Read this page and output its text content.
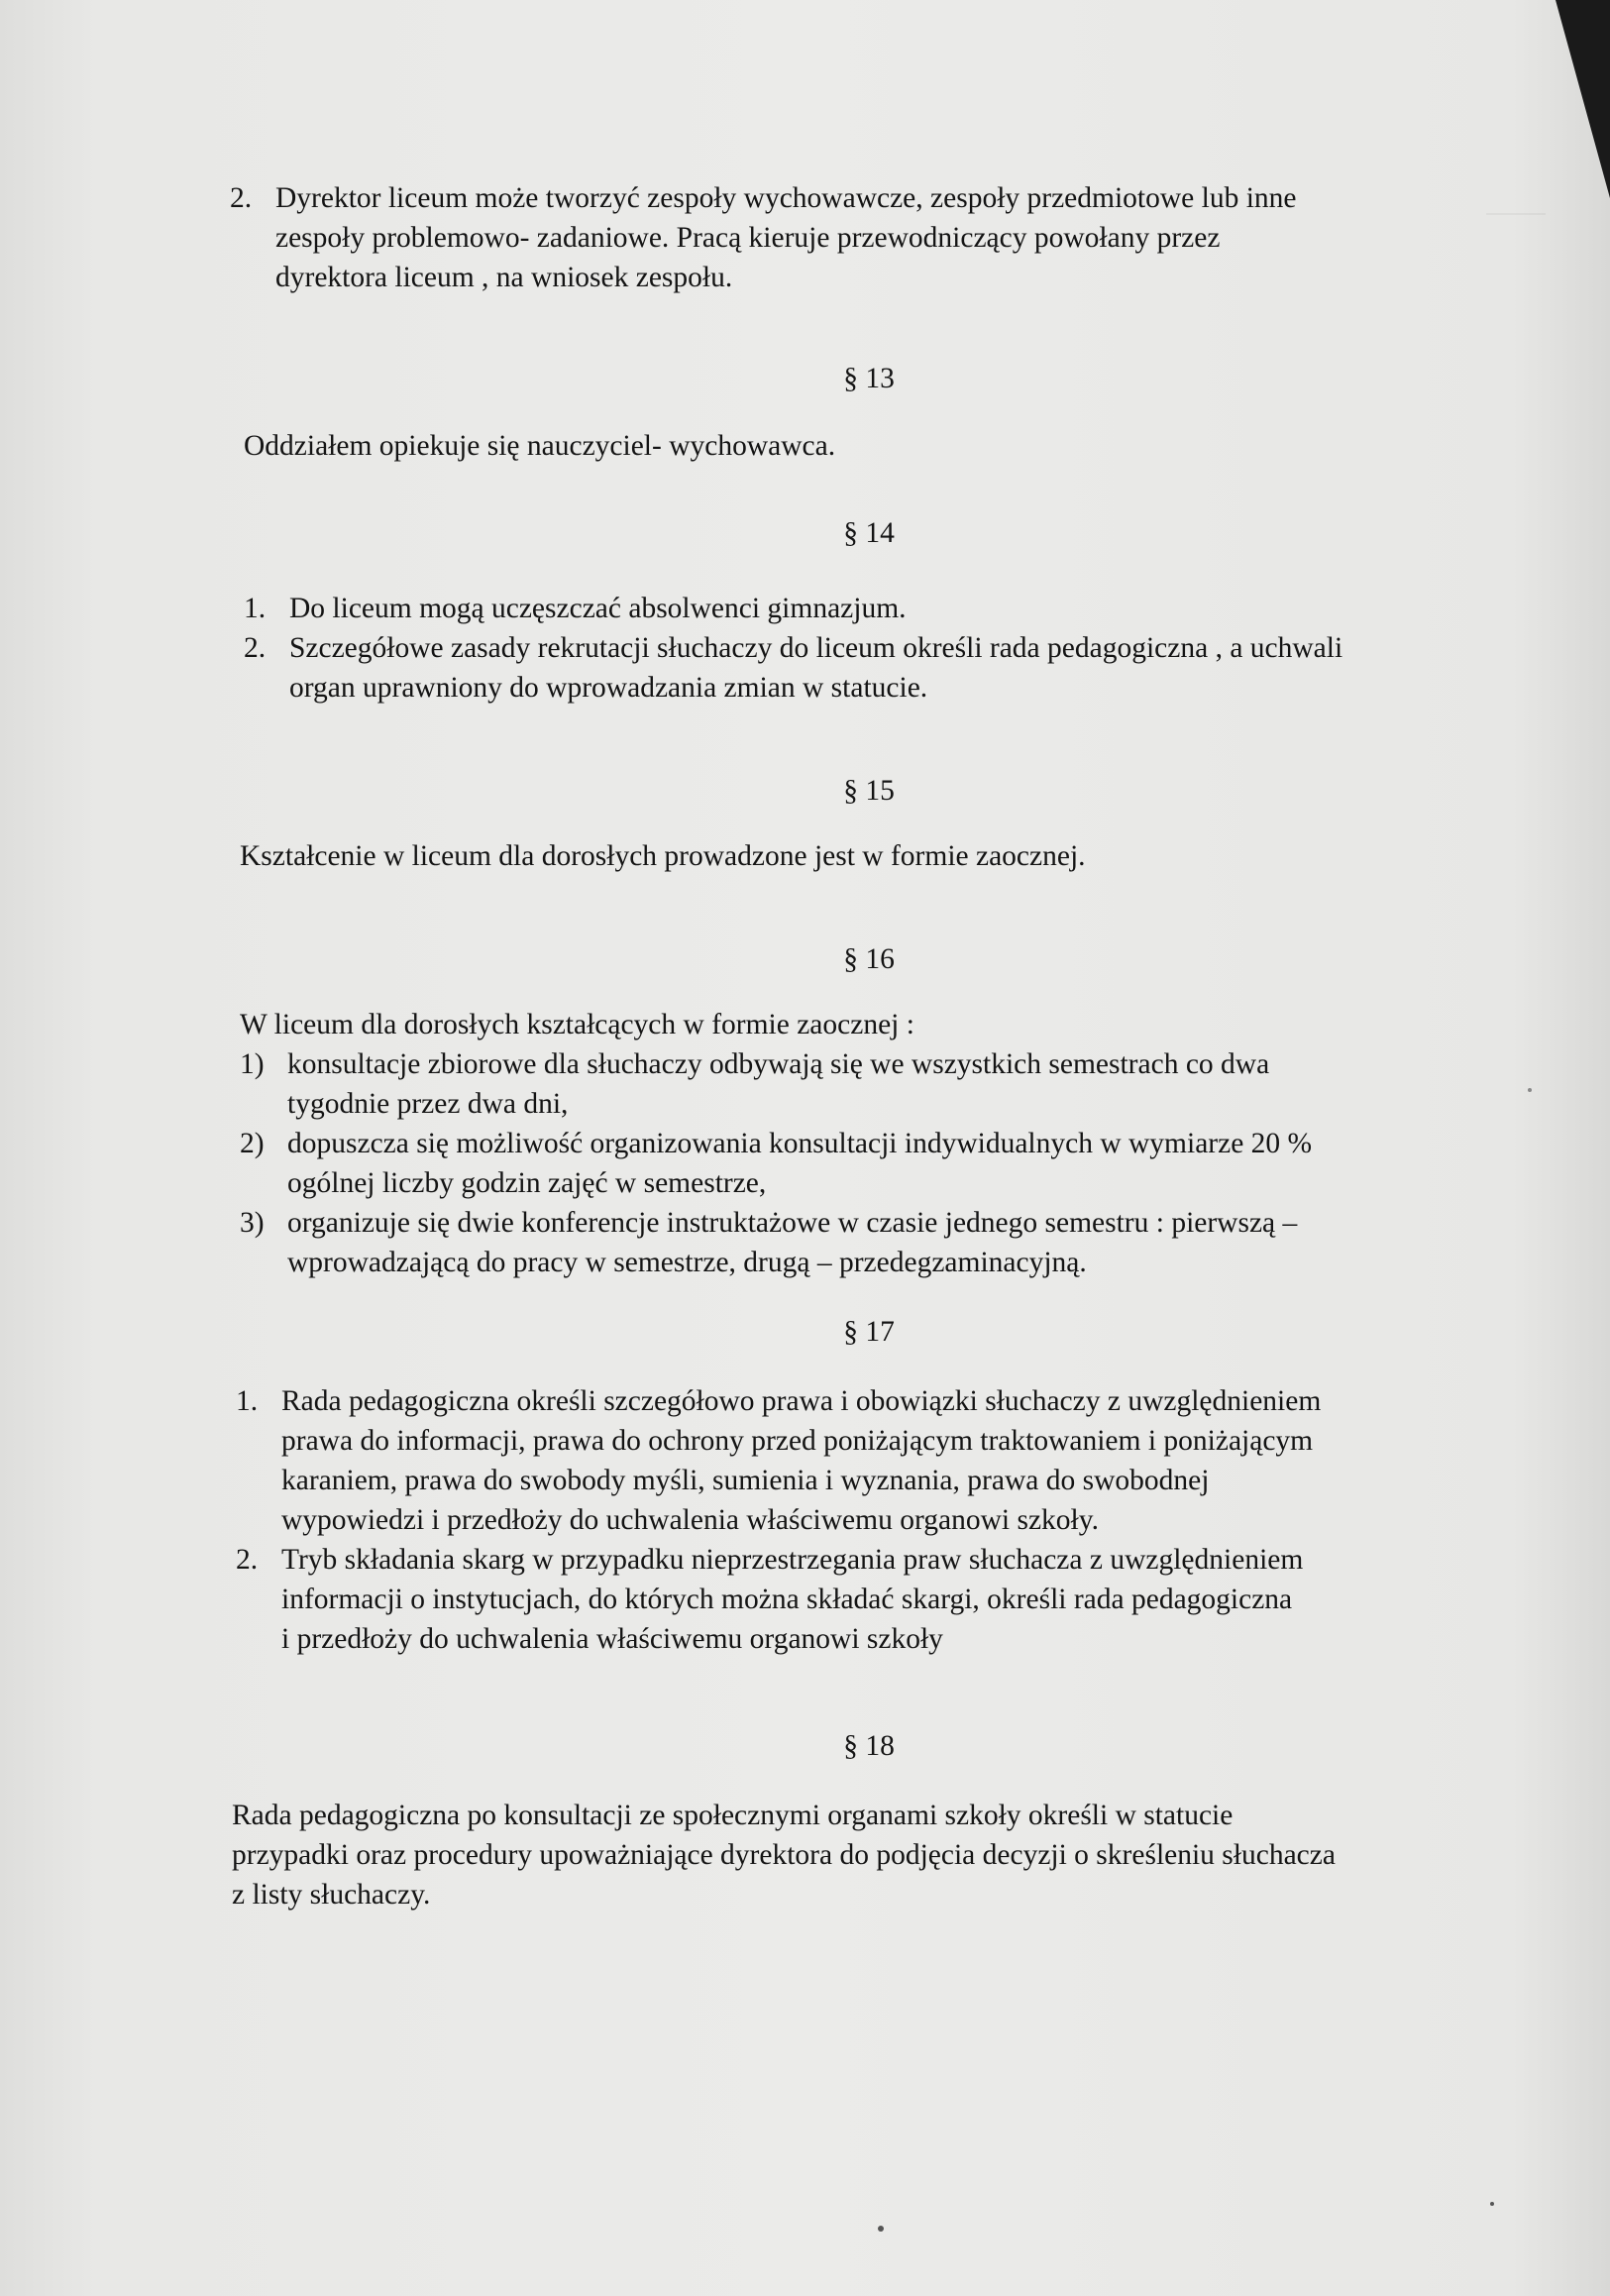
2. Dyrektor liceum może tworzyć zespoły wychowawcze, zespoły przedmiotowe lub inne
zespoły problemowo- zadaniowe. Pracą kieruje przewodniczący powołany przez
dyrektora liceum , na wniosek zespołu.
§ 13

Oddziałem opiekuje się nauczyciel- wychowawca.

§ 14
1. Do liceum mogą uczęszczać absolwenci gimnazjum.
2. Szczegółowe zasady rekrutacji słuchaczy do liceum określi rada pedagogiczna , a uchwali
organ uprawniony do wprowadzania zmian w statucie.
§ 15

Kształcenie w liceum dla dorosłych prowadzone jest w formie zaocznej.

§ 16

W liceum dla dorosłych kształcących w formie zaocznej :

1) konsultacje zbiorowe dla słuchaczy odbywają się we wszystkich semestrach co dwa
tygodnie przez dwa dni,
2) dopuszcza się możliwość organizowania konsultacji indywidualnych w wymiarze 20 %
ogólnej liczby godzin zajęć w semestrze,
3) organizuje się dwie konferencje instruktażowe w czasie jednego semestru : pierwszą –
wprowadzającą do pracy w semestrze, drugą – przedegzaminacyjną.
§ 17
1. Rada pedagogiczna określi szczegółowo prawa i obowiązki słuchaczy z uwzględnieniem
prawa do informacji, prawa do ochrony przed poniżającym traktowaniem i poniżającym
karaniem, prawa do swobody myśli, sumienia i wyznania, prawa do swobodnej
wypowiedzi i przedłoży do uchwalenia właściwemu organowi szkoły.
2. Tryb składania skarg w przypadku nieprzestrzegania praw słuchacza z uwzględnieniem
informacji o instytucjach, do których można składać skargi, określi rada pedagogiczna
i przedłoży do uchwalenia właściwemu organowi szkoły
§ 18
Rada pedagogiczna po konsultacji ze społecznymi organami szkoły określi w statucie
przypadki oraz procedury upoważniające dyrektora do podjęcia decyzji o skreśleniu słuchacza
z listy słuchaczy.
